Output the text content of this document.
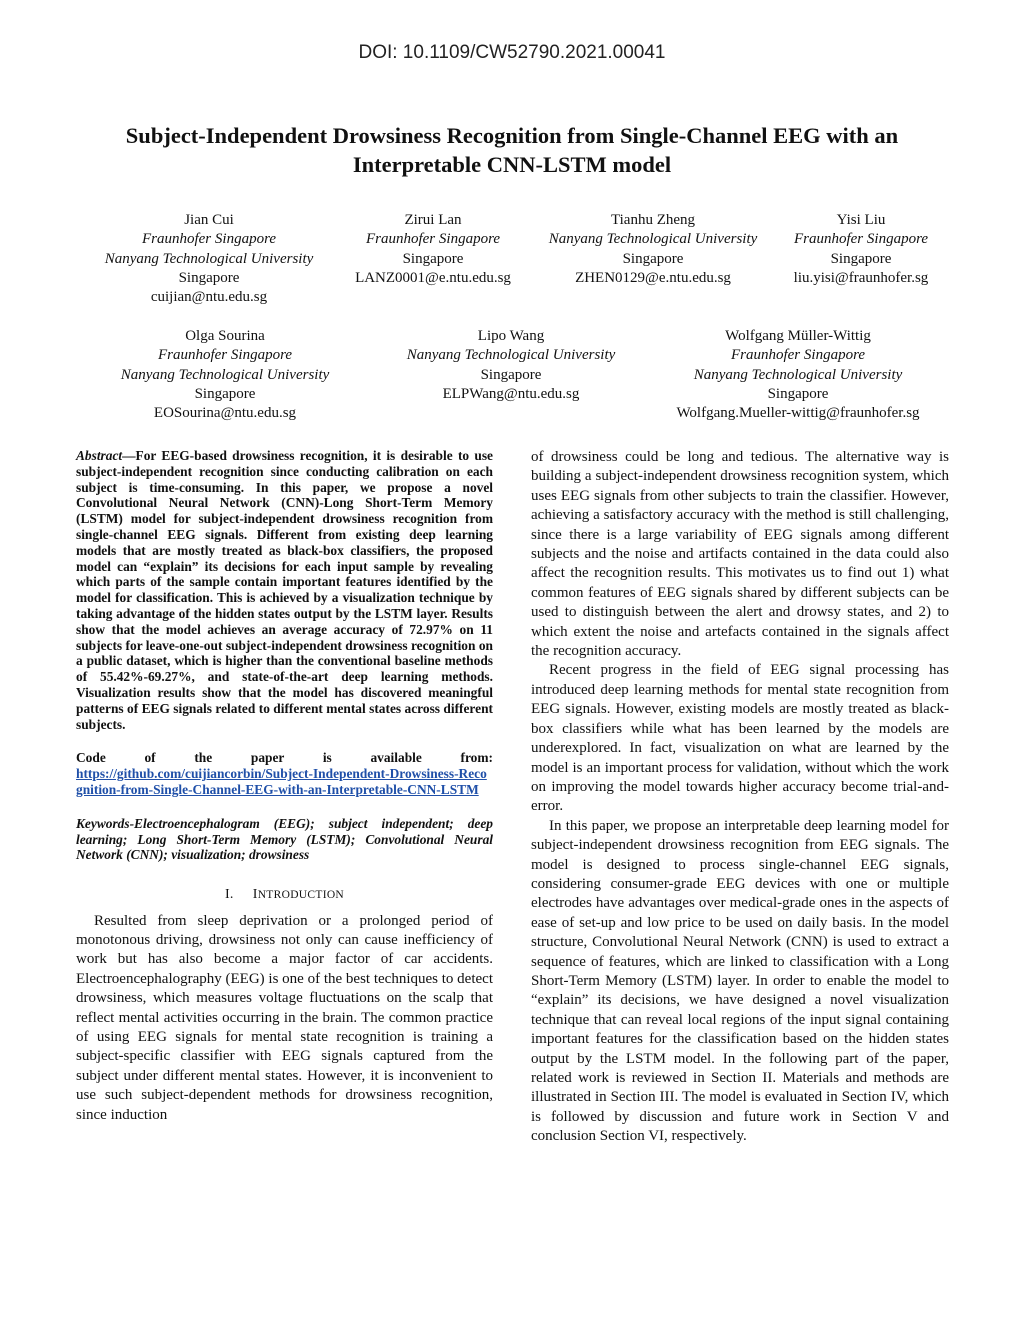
DOI: 10.1109/CW52790.2021.00041
Subject-Independent Drowsiness Recognition from Single-Channel EEG with an
Interpretable CNN-LSTM model
Jian Cui
Fraunhofer Singapore
Nanyang Technological University
Singapore
cuijian@ntu.edu.sg
Zirui Lan
Fraunhofer Singapore
Singapore
LANZ0001@e.ntu.edu.sg
Tianhu Zheng
Nanyang Technological University
Singapore
ZHEN0129@e.ntu.edu.sg
Yisi Liu
Fraunhofer Singapore
Singapore
liu.yisi@fraunhofer.sg
Olga Sourina
Fraunhofer Singapore
Nanyang Technological University
Singapore
EOSourina@ntu.edu.sg
Lipo Wang
Nanyang Technological University
Singapore
ELPWang@ntu.edu.sg
Wolfgang Müller-Wittig
Fraunhofer Singapore
Nanyang Technological University
Singapore
Wolfgang.Mueller-wittig@fraunhofer.sg

Abstract—For EEG-based drowsiness recognition, it is desirable to use subject-independent recognition since conducting calibration on each subject is time-consuming. In this paper, we propose a novel Convolutional Neural Network (CNN)-Long Short-Term Memory (LSTM) model for subject-independent drowsiness recognition from single-channel EEG signals. Different from existing deep learning models that are mostly treated as black-box classifiers, the proposed model can “explain” its decisions for each input sample by revealing which parts of the sample contain important features identified by the model for classification. This is achieved by a visualization technique by taking advantage of the hidden states output by the LSTM layer. Results show that the model achieves an average accuracy of 72.97% on 11 subjects for leave-one-out subject-independent drowsiness recognition on a public dataset, which is higher than the conventional baseline methods of 55.42%-69.27%, and state-of-the-art deep learning methods. Visualization results show that the model has discovered meaningful patterns of EEG signals related to different mental states across different subjects.

Code of the paper is available from:
https://github.com/cuijiancorbin/Subject-Independent-Drowsiness-Recognition-from-Single-Channel-EEG-with-an-Interpretable-CNN-LSTM

Keywords-Electroencephalogram (EEG); subject independent; deep learning; Long Short-Term Memory (LSTM); Convolutional Neural Network (CNN); visualization; drowsiness

I. INTRODUCTION

Resulted from sleep deprivation or a prolonged period of monotonous driving, drowsiness not only can cause inefficiency of work but has also become a major factor of car accidents. Electroencephalography (EEG) is one of the best techniques to detect drowsiness, which measures voltage fluctuations on the scalp that reflect mental activities occurring in the brain. The common practice of using EEG signals for mental state recognition is training a subject-specific classifier with EEG signals captured from the subject under different mental states. However, it is inconvenient to use such subject-dependent methods for drowsiness recognition, since induction

of drowsiness could be long and tedious. The alternative way is building a subject-independent drowsiness recognition system, which uses EEG signals from other subjects to train the classifier. However, achieving a satisfactory accuracy with the method is still challenging, since there is a large variability of EEG signals among different subjects and the noise and artifacts contained in the data could also affect the recognition results. This motivates us to find out 1) what common features of EEG signals shared by different subjects can be used to distinguish between the alert and drowsy states, and 2) to which extent the noise and artefacts contained in the signals affect the recognition accuracy.

Recent progress in the field of EEG signal processing has introduced deep learning methods for mental state recognition from EEG signals. However, existing models are mostly treated as black-box classifiers while what has been learned by the models are underexplored. In fact, visualization on what are learned by the model is an important process for validation, without which the work on improving the model towards higher accuracy become trial-and-error.

In this paper, we propose an interpretable deep learning model for subject-independent drowsiness recognition from EEG signals. The model is designed to process single-channel EEG signals, considering consumer-grade EEG devices with one or multiple electrodes have advantages over medical-grade ones in the aspects of ease of set-up and low price to be used on daily basis. In the model structure, Convolutional Neural Network (CNN) is used to extract a sequence of features, which are linked to classification with a Long Short-Term Memory (LSTM) layer. In order to enable the model to “explain” its decisions, we have designed a novel visualization technique that can reveal local regions of the input signal containing important features for the classification based on the hidden states output by the LSTM model. In the following part of the paper, related work is reviewed in Section II. Materials and methods are illustrated in Section III. The model is evaluated in Section IV, which is followed by discussion and future work in Section V and conclusion Section VI, respectively.
